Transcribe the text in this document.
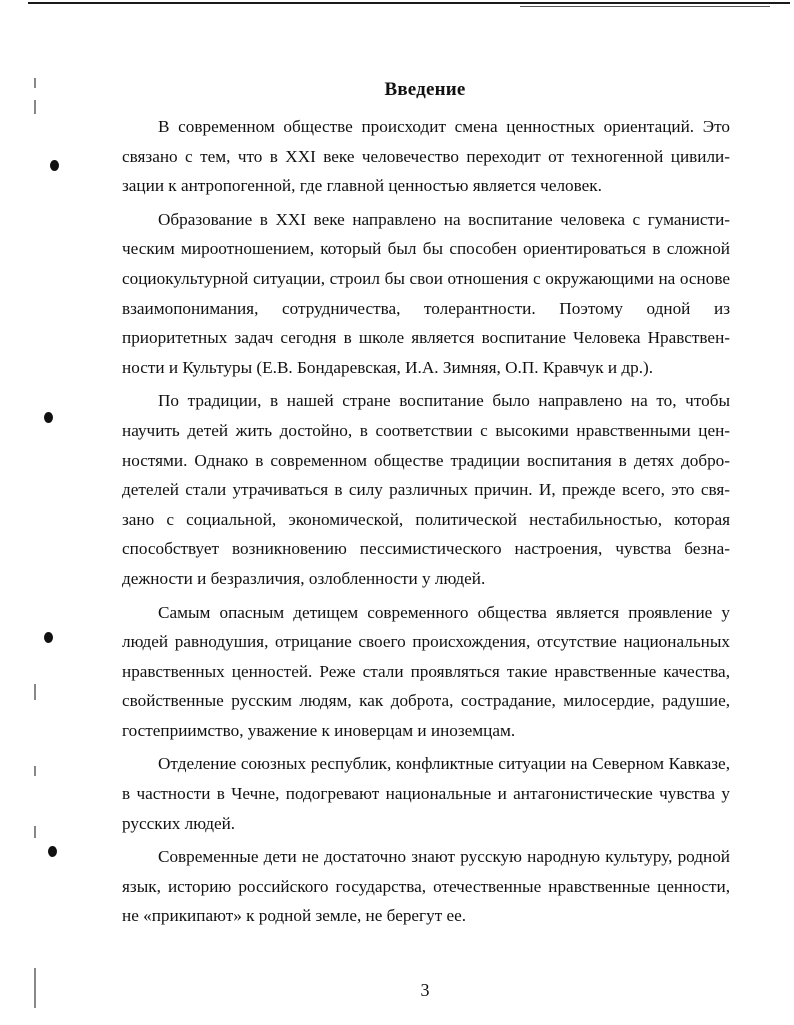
Введение

В современном обществе происходит смена ценностных ориентаций. Это связано с тем, что в XXI веке человечество переходит от техногенной цивилизации к антропогенной, где главной ценностью является человек.

Образование в XXI веке направлено на воспитание человека с гуманистическим мироотношением, который был бы способен ориентироваться в сложной социокультурной ситуации, строил бы свои отношения с окружающими на основе взаимопонимания, сотрудничества, толерантности. Поэтому одной из приоритетных задач сегодня в школе является воспитание Человека Нравственности и Культуры (Е.В. Бондаревская, И.А. Зимняя, О.П. Кравчук и др.).

По традиции, в нашей стране воспитание было направлено на то, чтобы научить детей жить достойно, в соответствии с высокими нравственными ценностями. Однако в современном обществе традиции воспитания в детях добродетелей стали утрачиваться в силу различных причин. И, прежде всего, это связано с социальной, экономической, политической нестабильностью, которая способствует возникновению пессимистического настроения, чувства безнадежности и безразличия, озлобленности у людей.

Самым опасным детищем современного общества является проявление у людей равнодушия, отрицание своего происхождения, отсутствие национальных нравственных ценностей. Реже стали проявляться такие нравственные качества, свойственные русским людям, как доброта, сострадание, милосердие, радушие, гостеприимство, уважение к иноверцам и иноземцам.

Отделение союзных республик, конфликтные ситуации на Северном Кавказе, в частности в Чечне, подогревают национальные и антагонистические чувства у русских людей.

Современные дети не достаточно знают русскую народную культуру, родной язык, историю российского государства, отечественные нравственные ценности, не «прикипают» к родной земле, не берегут ее.

3
